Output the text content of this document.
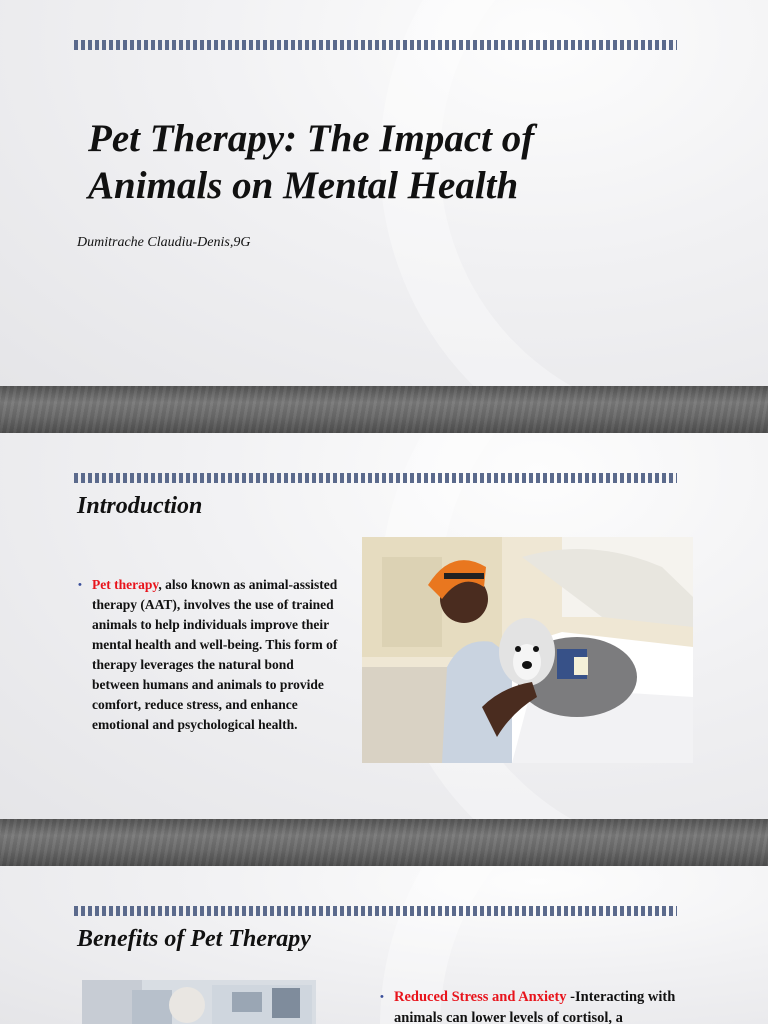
Pet Therapy: The Impact of Animals on Mental Health

Dumitrache Claudiu-Denis,9G

Introduction
• Pet therapy, also known as animal-assisted therapy (AAT), involves the use of trained animals to help individuals improve their mental health and well-being. This form of therapy leverages the natural bond between humans and animals to provide comfort, reduce stress, and enhance emotional and psychological health.
Benefits of Pet Therapy
• Reduced Stress and Anxiety -Interacting with animals can lower levels of cortisol, a
